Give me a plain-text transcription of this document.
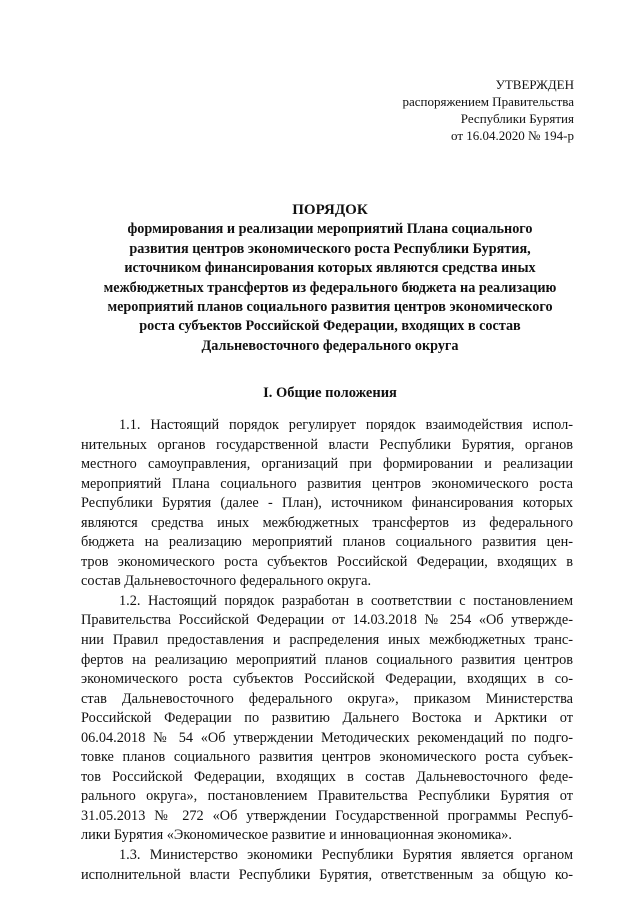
УТВЕРЖДЕН
распоряжением Правительства
Республики Бурятия
от 16.04.2020 № 194-р
ПОРЯДОК
формирования и реализации мероприятий Плана социального
развития центров экономического роста Республики Бурятия,
источником финансирования которых являются средства иных
межбюджетных трансфертов из федерального бюджета на реализацию
мероприятий планов социального развития центров экономического
роста субъектов Российской Федерации, входящих в состав
Дальневосточного федерального округа
I. Общие положения
1.1. Настоящий порядок регулирует порядок взаимодействия испол-
нительных органов государственной власти Республики Бурятия, органов
местного самоуправления, организаций при формировании и реализации
мероприятий Плана социального развития центров экономического роста
Республики Бурятия (далее - План), источником финансирования которых
являются средства иных межбюджетных трансфертов из федерального
бюджета на реализацию мероприятий планов социального развития цен-
тров экономического роста субъектов Российской Федерации, входящих в
состав Дальневосточного федерального округа.
1.2. Настоящий порядок разработан в соответствии с постановлением
Правительства Российской Федерации от 14.03.2018 № 254 «Об утвержде-
нии Правил предоставления и распределения иных межбюджетных транс-
фертов на реализацию мероприятий планов социального развития центров
экономического роста субъектов Российской Федерации, входящих в со-
став Дальневосточного федерального округа», приказом Министерства
Российской Федерации по развитию Дальнего Востока и Арктики от
06.04.2018 № 54 «Об утверждении Методических рекомендаций по подго-
товке планов социального развития центров экономического роста субъек-
тов Российской Федерации, входящих в состав Дальневосточного феде-
рального округа», постановлением Правительства Республики Бурятия от
31.05.2013 № 272 «Об утверждении Государственной программы Респуб-
лики Бурятия «Экономическое развитие и инновационная экономика».
1.3. Министерство экономики Республики Бурятия является органом
исполнительной власти Республики Бурятия, ответственным за общую ко-
